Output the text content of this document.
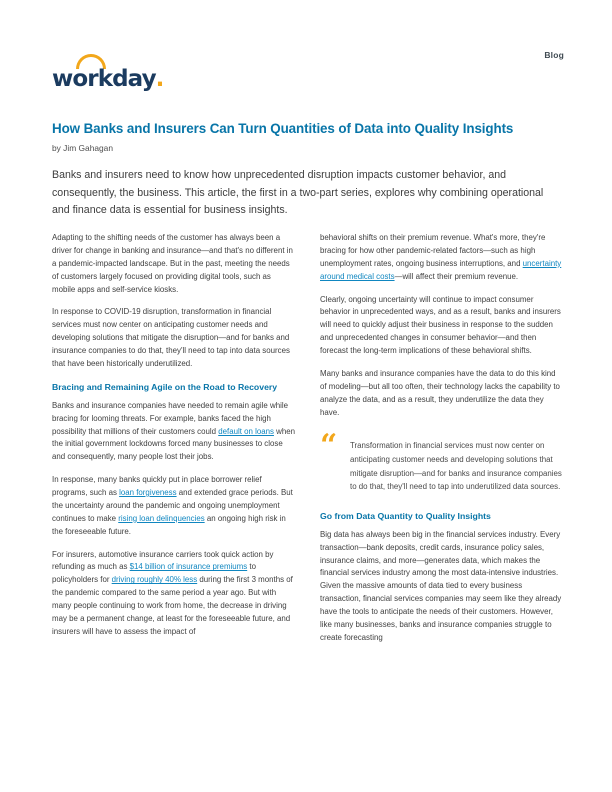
Blog
workday.
How Banks and Insurers Can Turn Quantities of Data into Quality Insights

by Jim Gahagan

Banks and insurers need to know how unprecedented disruption impacts customer behavior, and consequently, the business. This article, the first in a two-part series, explores why combining operational and finance data is essential for business insights.

Adapting to the shifting needs of the customer has always been a driver for change in banking and insurance—and that's no different in a pandemic-impacted landscape. But in the past, meeting the needs of customers largely focused on providing digital tools, such as mobile apps and self-service kiosks.

In response to COVID-19 disruption, transformation in financial services must now center on anticipating customer needs and developing solutions that mitigate the disruption—and for banks and insurance companies to do that, they'll need to tap into data sources that have been historically underutilized.

Bracing and Remaining Agile on the Road to Recovery

Banks and insurance companies have needed to remain agile while bracing for looming threats. For example, banks faced the high possibility that millions of their customers could default on loans when the initial government lockdowns forced many businesses to close and consequently, many people lost their jobs.

In response, many banks quickly put in place borrower relief programs, such as loan forgiveness and extended grace periods. But the uncertainty around the pandemic and ongoing unemployment continues to make rising loan delinquencies an ongoing high risk in the foreseeable future.

For insurers, automotive insurance carriers took quick action by refunding as much as $14 billion of insurance premiums to policyholders for driving roughly 40% less during the first 3 months of the pandemic compared to the same period a year ago. But with many people continuing to work from home, the decrease in driving may be a permanent change, at least for the foreseeable future, and insurers will have to assess the impact of

behavioral shifts on their premium revenue. What's more, they're bracing for how other pandemic-related factors—such as high unemployment rates, ongoing business interruptions, and uncertainty around medical costs—will affect their premium revenue.

Clearly, ongoing uncertainty will continue to impact consumer behavior in unprecedented ways, and as a result, banks and insurers will need to quickly adjust their business in response to the sudden and unprecedented changes in consumer behavior—and then forecast the long-term implications of these behavioral shifts.

Many banks and insurance companies have the data to do this kind of modeling—but all too often, their technology lacks the capability to analyze the data, and as a result, they underutilize the data they have.

“ Transformation in financial services must now center on anticipating customer needs and developing solutions that mitigate disruption—and for banks and insurance companies to do that, they'll need to tap into underutilized data sources.

Go from Data Quantity to Quality Insights

Big data has always been big in the financial services industry. Every transaction—bank deposits, credit cards, insurance policy sales, insurance claims, and more—generates data, which makes the financial services industry among the most data-intensive industries. Given the massive amounts of data tied to every business transaction, financial services companies may seem like they already have the tools to anticipate the needs of their customers. However, like many businesses, banks and insurance companies struggle to create forecasting
